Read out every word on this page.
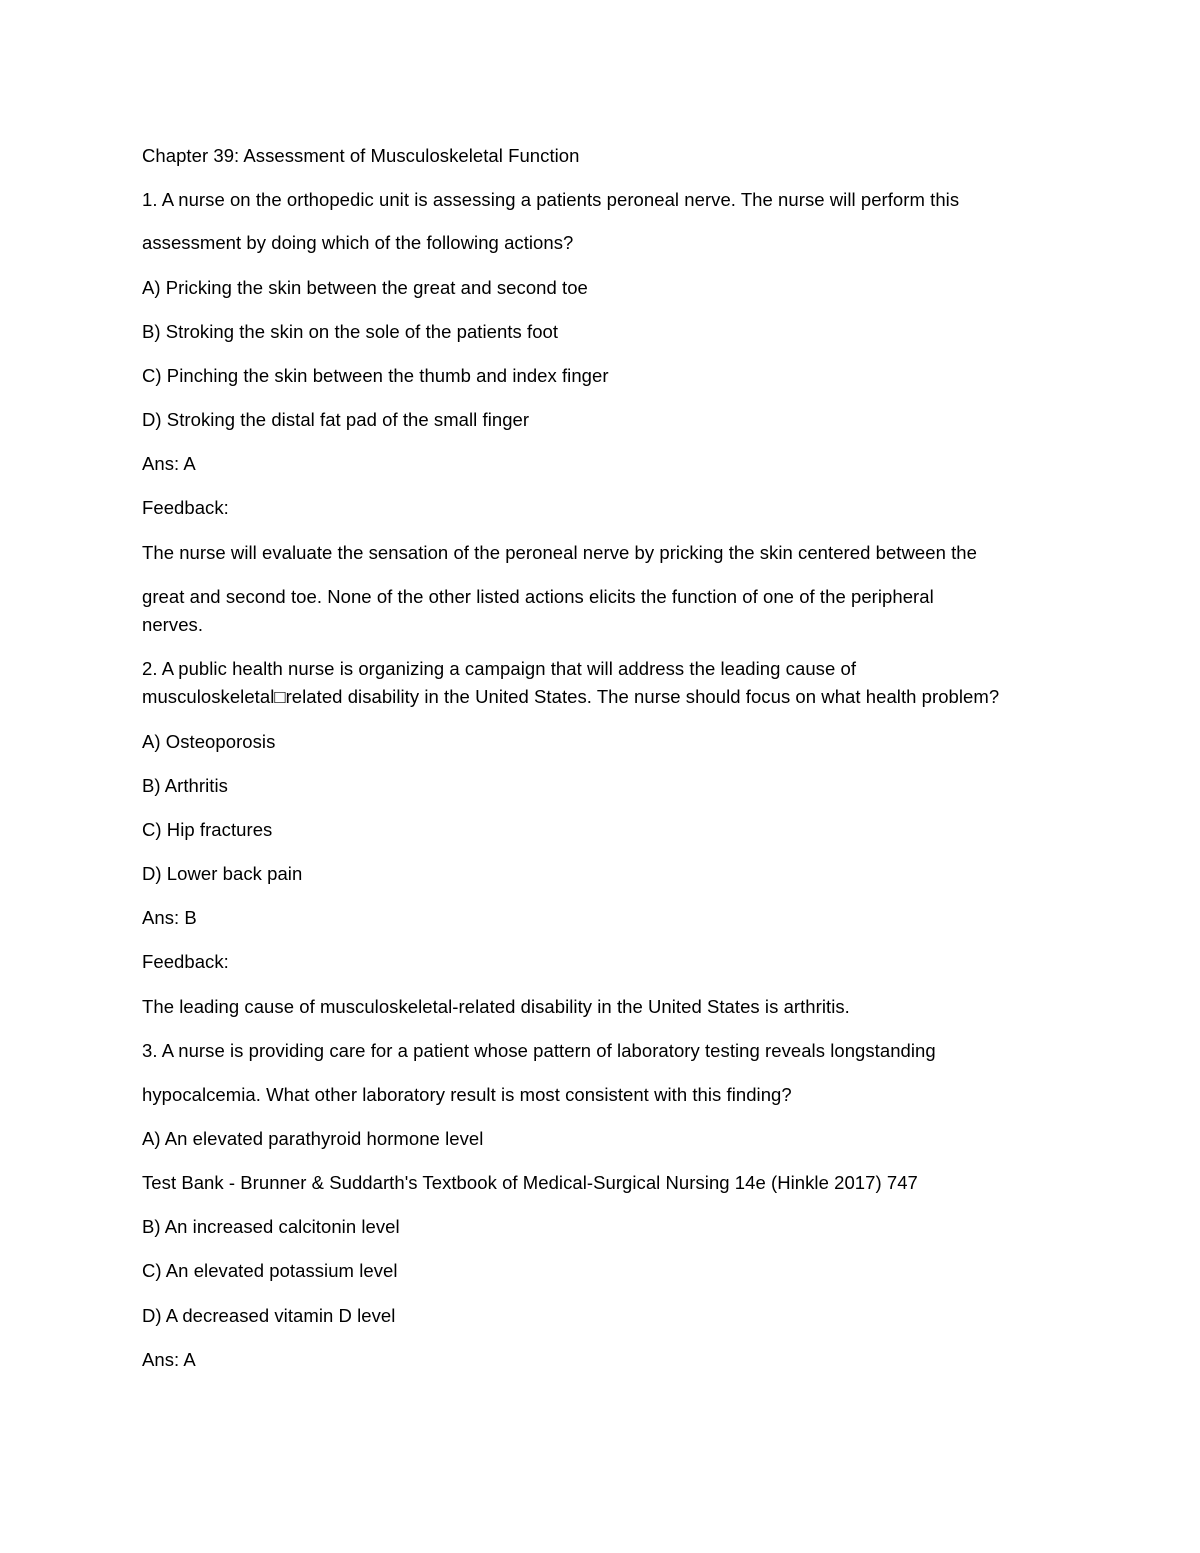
Chapter 39: Assessment of Musculoskeletal Function
1. A nurse on the orthopedic unit is assessing a patients peroneal nerve. The nurse will perform this
assessment by doing which of the following actions?
A) Pricking the skin between the great and second toe
B) Stroking the skin on the sole of the patients foot
C) Pinching the skin between the thumb and index finger
D) Stroking the distal fat pad of the small finger
Ans: A
Feedback:
The nurse will evaluate the sensation of the peroneal nerve by pricking the skin centered between the
great and second toe. None of the other listed actions elicits the function of one of the peripheral
nerves.
2. A public health nurse is organizing a campaign that will address the leading cause of
musculoskeletal□related disability in the United States. The nurse should focus on what health problem?
A) Osteoporosis
B) Arthritis
C) Hip fractures
D) Lower back pain
Ans: B
Feedback:
The leading cause of musculoskeletal-related disability in the United States is arthritis.
3. A nurse is providing care for a patient whose pattern of laboratory testing reveals longstanding
hypocalcemia. What other laboratory result is most consistent with this finding?
A) An elevated parathyroid hormone level
Test Bank - Brunner & Suddarth's Textbook of Medical-Surgical Nursing 14e (Hinkle 2017) 747
B) An increased calcitonin level
C) An elevated potassium level
D) A decreased vitamin D level
Ans: A
